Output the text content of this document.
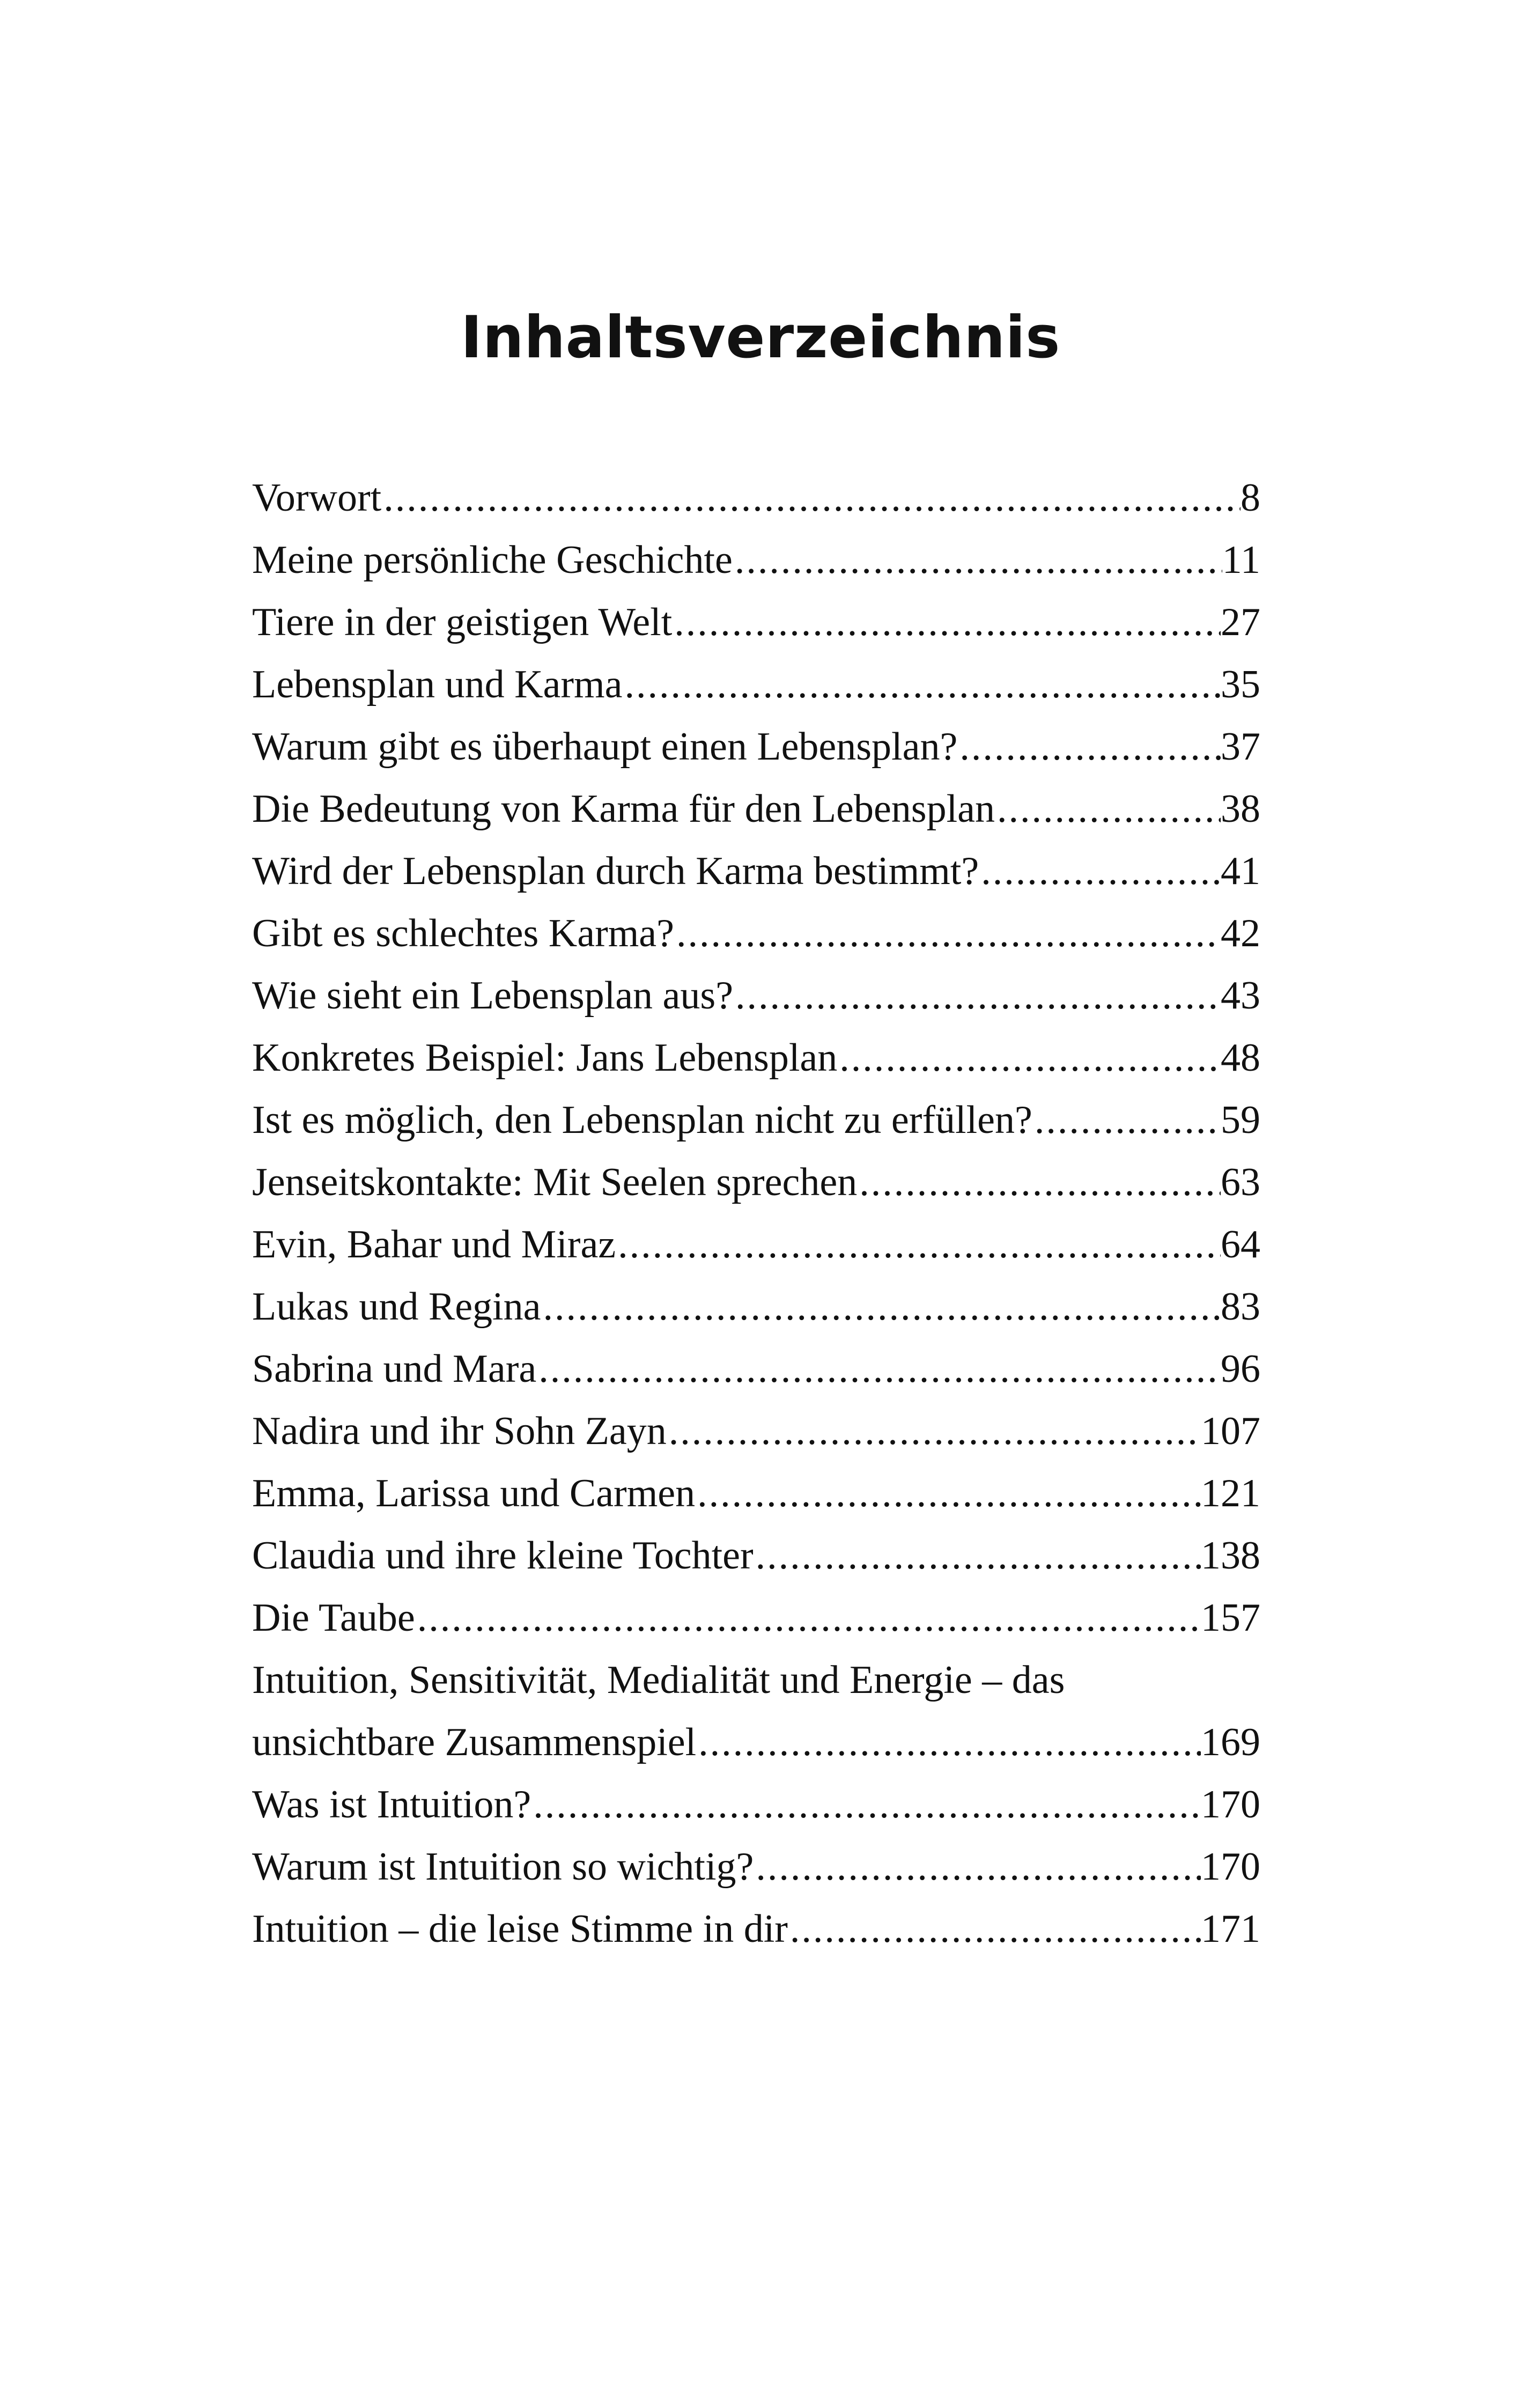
Inhaltsverzeichnis
Vorwort .....	8
Meine persönliche Geschichte .....	11
Tiere in der geistigen Welt .....	27
Lebensplan und Karma .....	35
Warum gibt es überhaupt einen Lebensplan? .....	37
Die Bedeutung von Karma für den Lebensplan .....	38
Wird der Lebensplan durch Karma bestimmt? .....	41
Gibt es schlechtes Karma? .....	42
Wie sieht ein Lebensplan aus? .....	43
Konkretes Beispiel: Jans Lebensplan .....	48
Ist es möglich, den Lebensplan nicht zu erfüllen? .....	59
Jenseitskontakte: Mit Seelen sprechen .....	63
Evin, Bahar und Miraz .....	64
Lukas und Regina .....	83
Sabrina und Mara .....	96
Nadira und ihr Sohn Zayn .....	107
Emma, Larissa und Carmen .....	121
Claudia und ihre kleine Tochter .....	138
Die Taube .....	157
Intuition, Sensitivität, Medialität und Energie – das
unsichtbare Zusammenspiel .....	169
Was ist Intuition? .....	170
Warum ist Intuition so wichtig? .....	170
Intuition – die leise Stimme in dir .....	171
